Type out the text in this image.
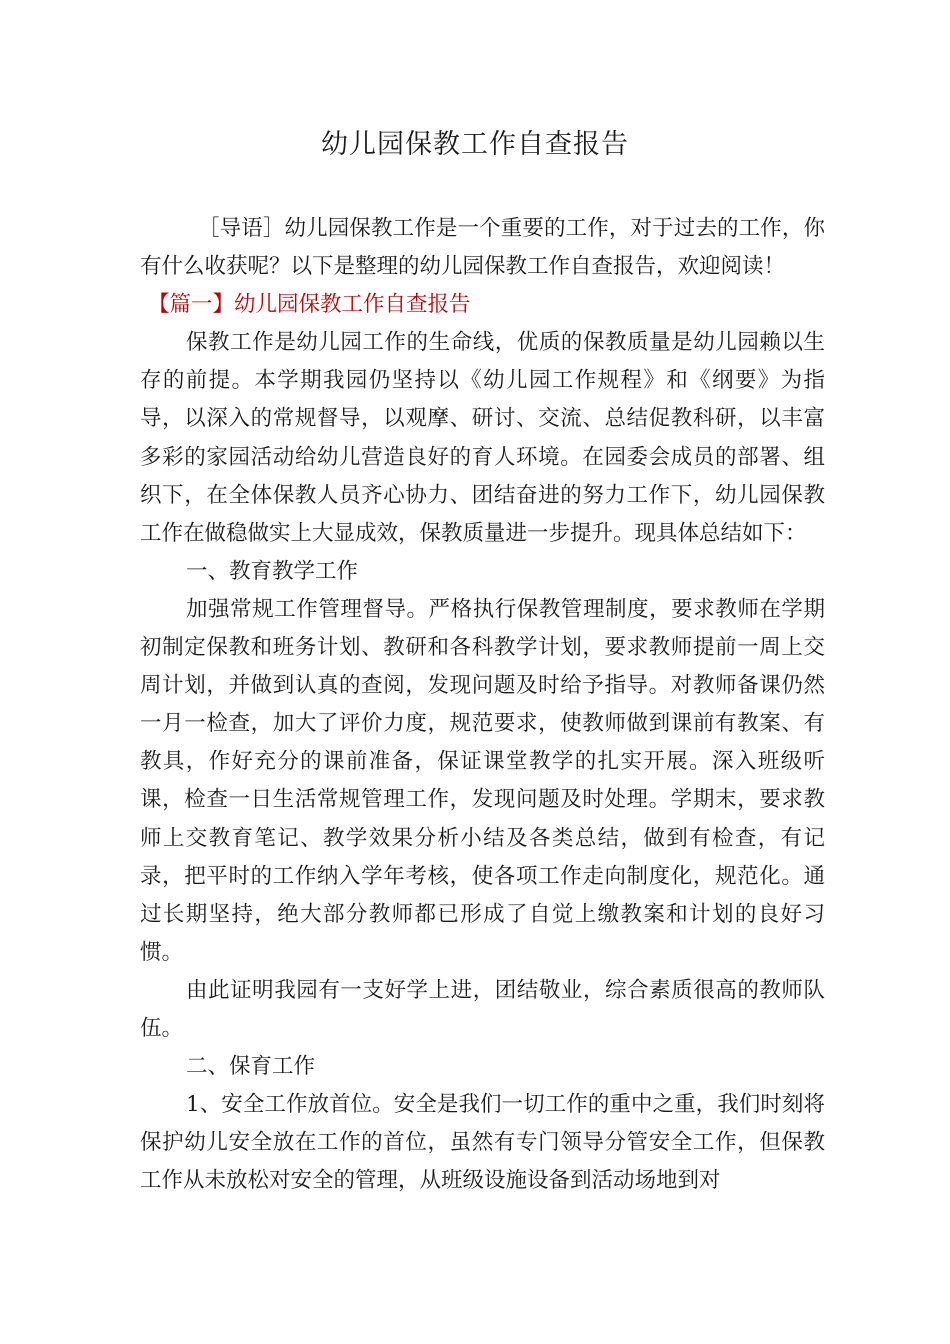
幼儿园保教工作自查报告

［导语］幼儿园保教工作是一个重要的工作，对于过去的工作，你有什么收获呢？以下是整理的幼儿园保教工作自查报告，欢迎阅读！

【篇一】幼儿园保教工作自查报告

保教工作是幼儿园工作的生命线，优质的保教质量是幼儿园赖以生存的前提。本学期我园仍坚持以《幼儿园工作规程》和《纲要》为指导，以深入的常规督导，以观摩、研讨、交流、总结促教科研，以丰富多彩的家园活动给幼儿营造良好的育人环境。在园委会成员的部署、组织下，在全体保教人员齐心协力、团结奋进的努力工作下，幼儿园保教工作在做稳做实上大显成效，保教质量进一步提升。现具体总结如下：

一、教育教学工作

加强常规工作管理督导。严格执行保教管理制度，要求教师在学期初制定保教和班务计划、教研和各科教学计划，要求教师提前一周上交周计划，并做到认真的查阅，发现问题及时给予指导。对教师备课仍然一月一检查，加大了评价力度，规范要求，使教师做到课前有教案、有教具，作好充分的课前准备，保证课堂教学的扎实开展。深入班级听课，检查一日生活常规管理工作，发现问题及时处理。学期末，要求教师上交教育笔记、教学效果分析小结及各类总结，做到有检查，有记录，把平时的工作纳入学年考核，使各项工作走向制度化，规范化。通过长期坚持，绝大部分教师都已形成了自觉上缴教案和计划的良好习惯。

由此证明我园有一支好学上进，团结敬业，综合素质很高的教师队伍。

二、保育工作

1、安全工作放首位。安全是我们一切工作的重中之重，我们时刻将保护幼儿安全放在工作的首位，虽然有专门领导分管安全工作，但保教工作从未放松对安全的管理，从班级设施设备到活动场地到对
